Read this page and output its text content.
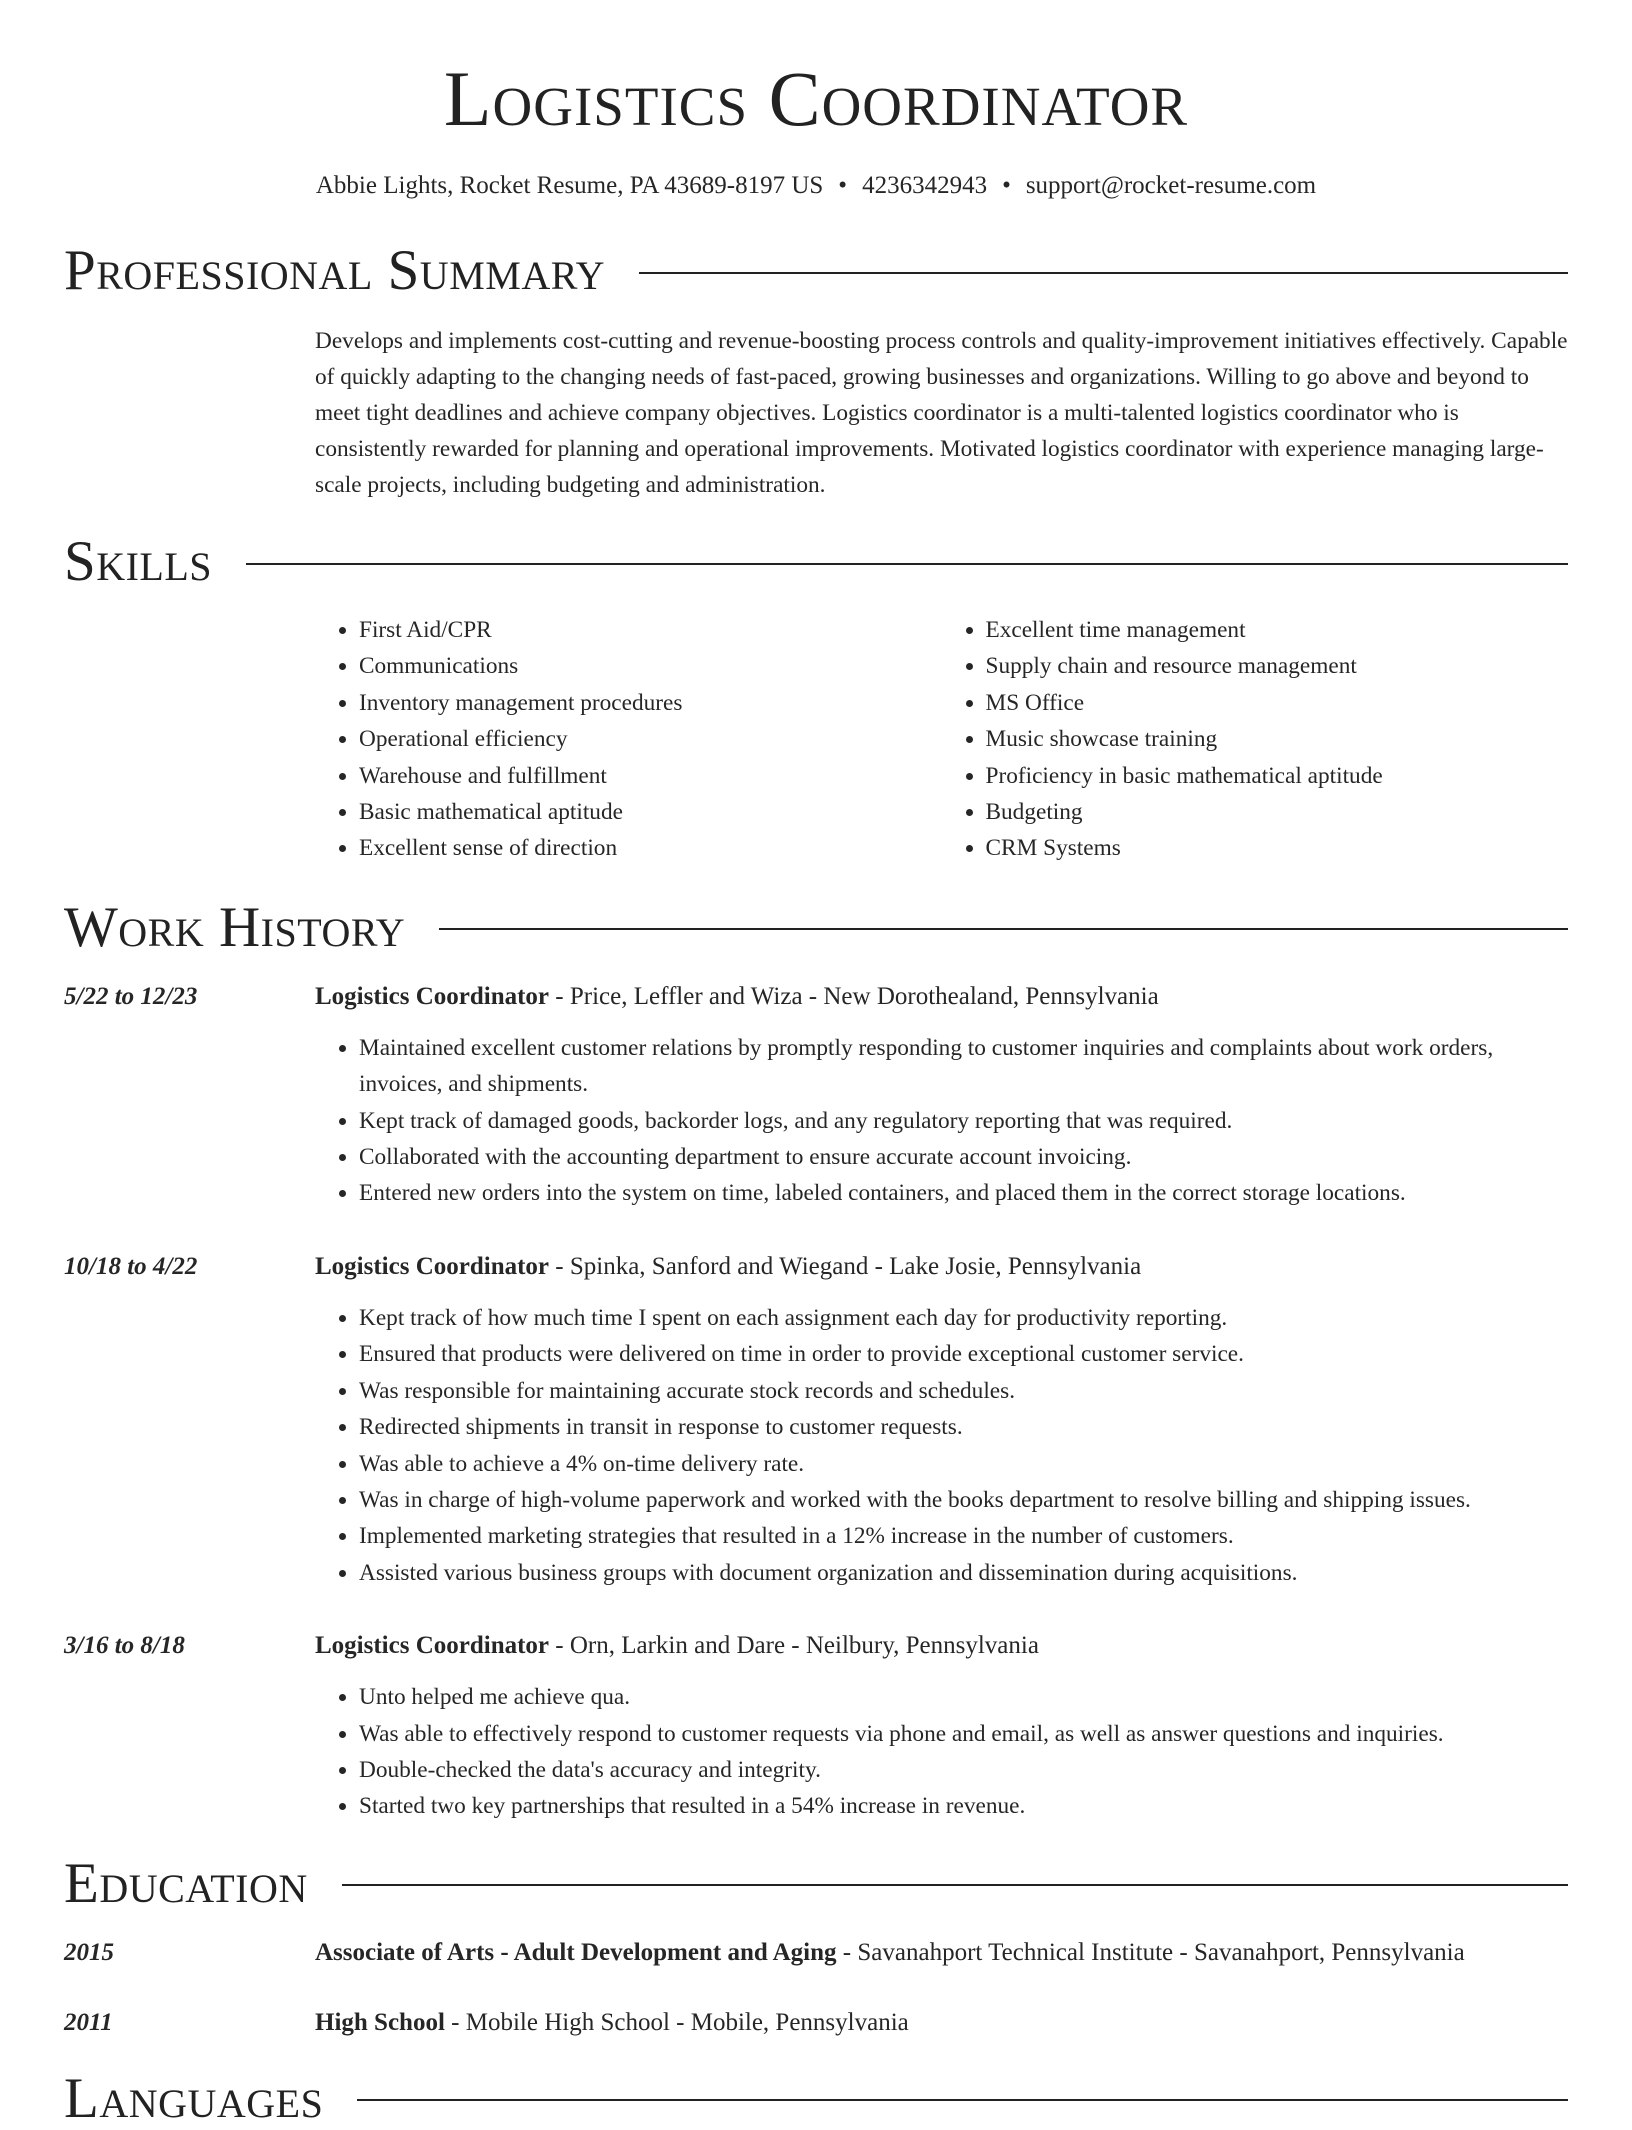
Logistics Coordinator
Abbie Lights, Rocket Resume, PA 43689-8197 US • 4236342943 • support@rocket-resume.com
Professional Summary

Develops and implements cost-cutting and revenue-boosting process controls and quality-improvement initiatives effectively. Capable of quickly adapting to the changing needs of fast-paced, growing businesses and organizations. Willing to go above and beyond to meet tight deadlines and achieve company objectives. Logistics coordinator is a multi-talented logistics coordinator who is consistently rewarded for planning and operational improvements. Motivated logistics coordinator with experience managing large-scale projects, including budgeting and administration.

Skills
• First Aid/CPR
• Communications
• Inventory management procedures
• Operational efficiency
• Warehouse and fulfillment
• Basic mathematical aptitude
• Excellent sense of direction
• Excellent time management
• Supply chain and resource management
• MS Office
• Music showcase training
• Proficiency in basic mathematical aptitude
• Budgeting
• CRM Systems
Work History
5/22 to 12/23	Logistics Coordinator - Price, Leffler and Wiza - New Dorothealand, Pennsylvania
• Maintained excellent customer relations by promptly responding to customer inquiries and complaints about work orders, invoices, and shipments.
• Kept track of damaged goods, backorder logs, and any regulatory reporting that was required.
• Collaborated with the accounting department to ensure accurate account invoicing.
• Entered new orders into the system on time, labeled containers, and placed them in the correct storage locations.
10/18 to 4/22	Logistics Coordinator - Spinka, Sanford and Wiegand - Lake Josie, Pennsylvania
• Kept track of how much time I spent on each assignment each day for productivity reporting.
• Ensured that products were delivered on time in order to provide exceptional customer service.
• Was responsible for maintaining accurate stock records and schedules.
• Redirected shipments in transit in response to customer requests.
• Was able to achieve a 4% on-time delivery rate.
• Was in charge of high-volume paperwork and worked with the books department to resolve billing and shipping issues.
• Implemented marketing strategies that resulted in a 12% increase in the number of customers.
• Assisted various business groups with document organization and dissemination during acquisitions.
3/16 to 8/18	Logistics Coordinator - Orn, Larkin and Dare - Neilbury, Pennsylvania
• Unto helped me achieve qua.
• Was able to effectively respond to customer requests via phone and email, as well as answer questions and inquiries.
• Double-checked the data's accuracy and integrity.
• Started two key partnerships that resulted in a 54% increase in revenue.
Education
2015	Associate of Arts - Adult Development and Aging - Savanahport Technical Institute - Savanahport, Pennsylvania
2011	High School - Mobile High School - Mobile, Pennsylvania
Languages
